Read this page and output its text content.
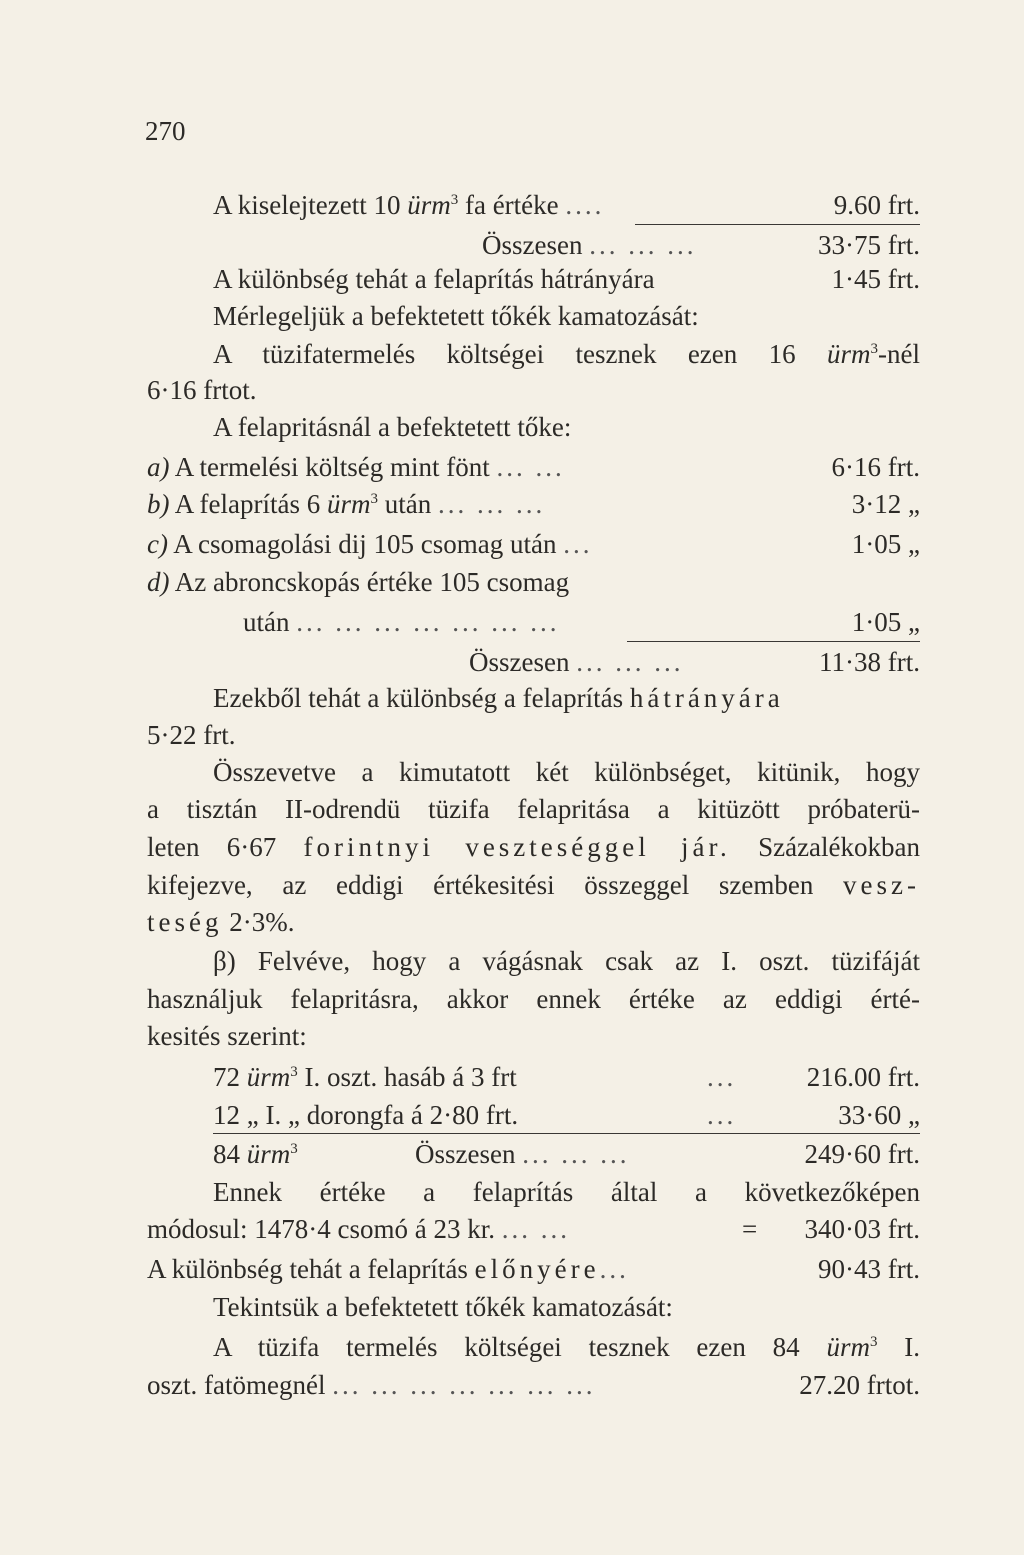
270
A kiselejtezett 10 ürm$^3$ fa értéke ....	9.60 frt.
Összesen ... ... ...	33·75 frt.
A különbség tehát a felaprítás hátrányára	1·45 frt.
Mérlegeljük a befektetett tőkék kamatozását:
A tüzifatermelés költségei tesznek ezen 16 ürm$^3$-nél
6·16 frtot.
A felapritásnál a befektetett tőke:
a) A termelési költség mint fönt ... ...	6·16 frt.
b) A felaprítás 6 ürm$^3$ után ... ... ...	3·12 „
c) A csomagolási dij 105 csomag után ...	1·05 „
d) Az abroncskopás értéke 105 csomag
után ... ... ... ... ... ... ...	1·05 „
Összesen ... ... ...	11·38 frt.
Ezekből tehát a különbség a felaprítás hátrányára
5·22 frt.
Összevetve a kimutatott két különbséget, kitünik, hogy
a tisztán II-odrendü tüzifa felapritása a kitüzött próbaterü-
leten 6·67 forintnyi veszteséggel jár. Százalékokban
kifejezve, az eddigi értékesitési összeggel szemben vesz-
teség 2·3%.
β) Felvéve, hogy a vágásnak csak az I. oszt. tüzifáját
használjuk felapritásra, akkor ennek értéke az eddigi érté-
kesités szerint:
72 ürm$^3$ I. oszt. hasáb á 3 frt	...	216.00 frt.
12 „ I. „ dorongfa á 2·80 frt.	...	33·60 „
84 ürm$^3$	Összesen ... ... ...	249·60 frt.
Ennek értéke a felaprítás által a következőképen
módosul: 1478·4 csomó á 23 kr. ... ...	= 340·03 frt.
A különbség tehát a felaprítás előnyére...	90·43 frt.
Tekintsük a befektetett tőkék kamatozását:
A tüzifa termelés költségei tesznek ezen 84 ürm$^3$ I.
oszt. fatömegnél ... ... ... ... ... ... ...	27.20 frtot.
